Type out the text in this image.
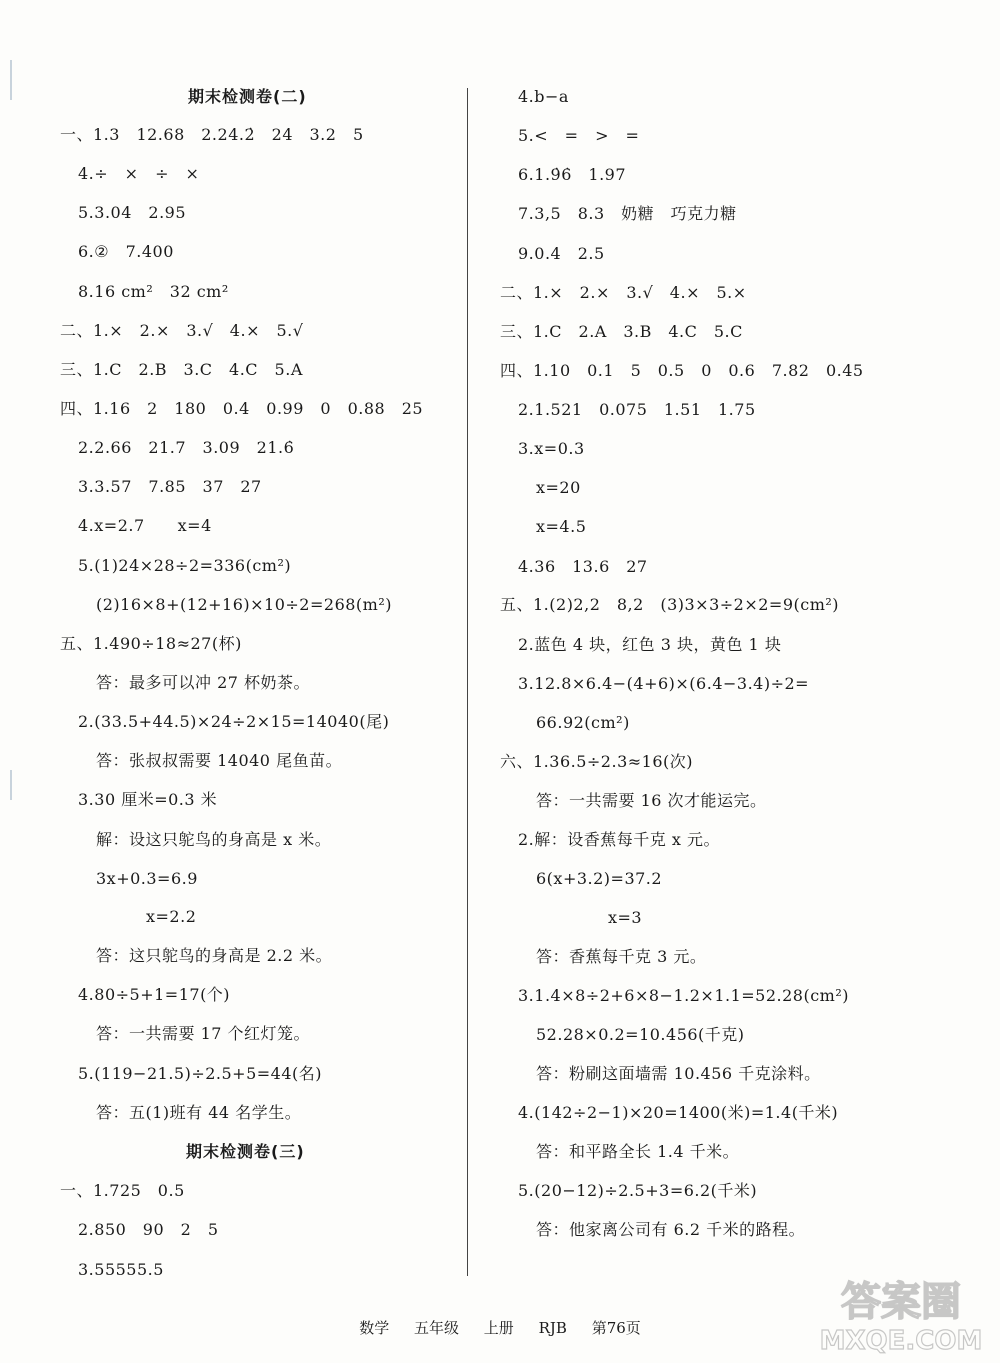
期末检测卷(二)
一、1.3　12.68　2.24.2̇　24　3.2　5
4.÷　×　÷　×
5.3.04　2.95
6.②　7.400
8.16 cm²　32 cm²
二、1.×　2.×　3.√　4.×　5.√
三、1.C　2.B　3.C　4.C　5.A
四、1.16　2　180　0.4　0.99　0　0.88　25
2.2.66　21.7　3.09　21.6̇
3.3.57　7.85　37　27
4.x=2.7　　x=4
5.(1)24×28÷2=336(cm²)
(2)16×8+(12+16)×10÷2=268(m²)
五、1.490÷18≈27(杯)
答：最多可以冲 27 杯奶茶。
2.(33.5+44.5)×24÷2×15=14040(尾)
答：张叔叔需要 14040 尾鱼苗。
3.30 厘米=0.3 米
解：设这只鸵鸟的身高是 x 米。
3x+0.3=6.9
x=2.2
答：这只鸵鸟的身高是 2.2 米。
4.80÷5+1=17(个)
答：一共需要 17 个红灯笼。
5.(119−21.5)÷2.5+5=44(名)
答：五(1)班有 44 名学生。
期末检测卷(三)
一、1.725　0.5
2.850　90　2　5
3.55555.5
4.b−a
5.<　=　>　=
6.1.9̇6̇　1.97
7.3,5　8.3　奶糖　巧克力糖
9.0.4　2.5
二、1.×　2.×　3.√　4.×　5.×
三、1.C　2.A　3.B　4.C　5.C
四、1.10　0.1　5　0.5　0　0.6　7.82　0.45
2.1.521　0.075　1.51　1.75
3.x=0.3
x=20
x=4.5
4.36　13.6　27
五、1.(2)2,2　8,2　(3)3×3÷2×2=9(cm²)
2.蓝色 4 块，红色 3 块，黄色 1 块
3.12.8×6.4−(4+6)×(6.4−3.4)÷2=
66.92(cm²)
六、1.36.5÷2.3≈16(次)
答：一共需要 16 次才能运完。
2.解：设香蕉每千克 x 元。
6(x+3.2)=37.2
x=3
答：香蕉每千克 3 元。
3.1.4×8÷2+6×8−1.2×1.1=52.28(cm²)
52.28×0.2=10.456(千克)
答：粉刷这面墙需 10.456 千克涂料。
4.(142÷2−1)×20=1400(米)=1.4(千米)
答：和平路全长 1.4 千米。
5.(20−12)÷2.5+3=6.2(千米)
答：他家离公司有 6.2 千米的路程。
数学 五年级 上册 RJB 第76页
答案圈
MXQE.COM
